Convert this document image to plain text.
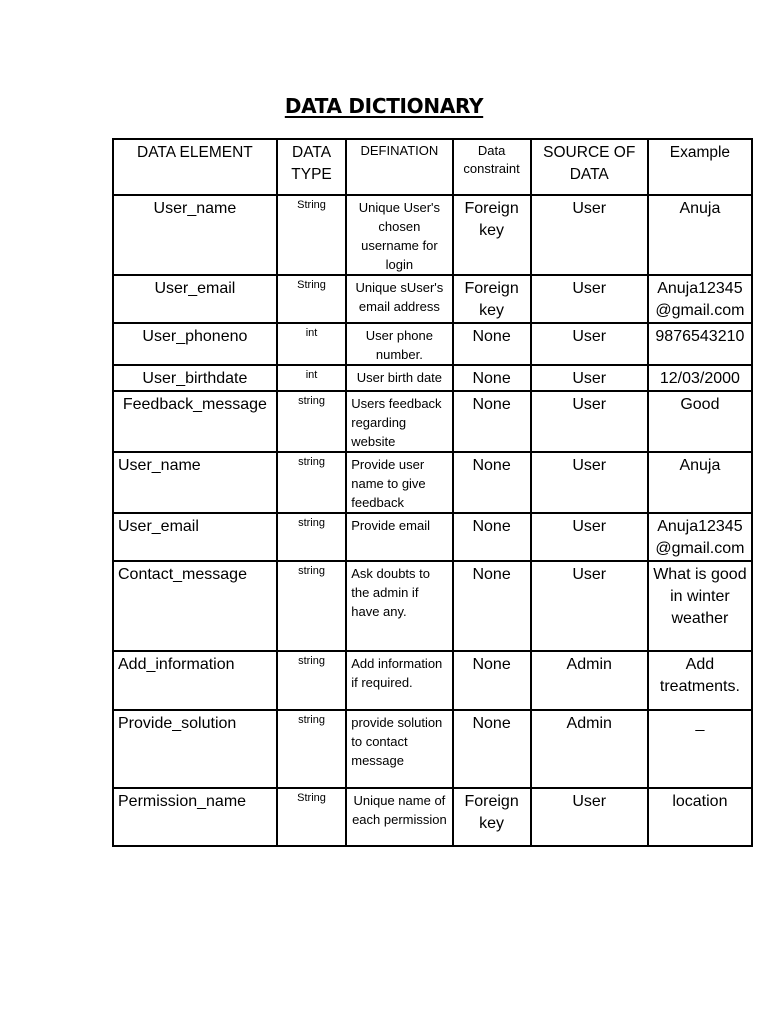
DATA DICTIONARY
DATA ELEMENT	DATA TYPE	DEFINATION	Data constraint	SOURCE OF DATA	Example
User_name	String	Unique User's chosen username for login	Foreign key	User	Anuja
User_email	String	Unique sUser's email address	Foreign key	User	Anuja12345 @gmail.com
User_phoneno	int	User phone number.	None	User	9876543210
User_birthdate	int	User birth date	None	User	12/03/2000
Feedback_message	string	Users feedback regarding website	None	User	Good
User_name	string	Provide user name to give feedback	None	User	Anuja
User_email	string	Provide email	None	User	Anuja12345 @gmail.com
Contact_message	string	Ask doubts to the admin if have any.	None	User	What is good in winter weather
Add_information	string	Add information if required.	None	Admin	Add treatments.
Provide_solution	string	provide solution to contact message	None	Admin	_
Permission_name	String	Unique name of each permission	Foreign key	User	location
